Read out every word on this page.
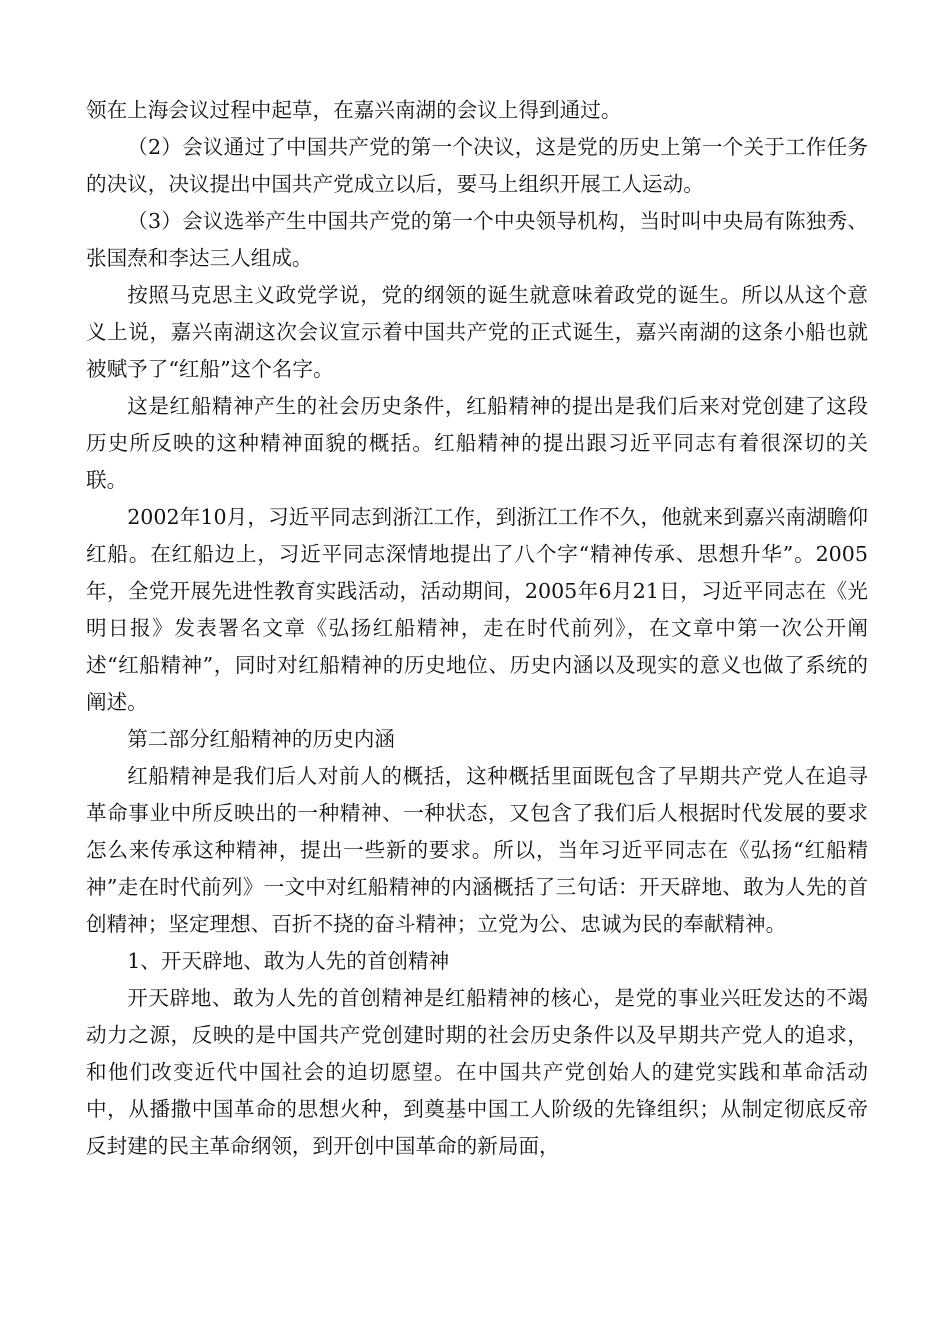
领在上海会议过程中起草，在嘉兴南湖的会议上得到通过。

（2）会议通过了中国共产党的第一个决议，这是党的历史上第一个关于工作任务的决议，决议提出中国共产党成立以后，要马上组织开展工人运动。

（3）会议选举产生中国共产党的第一个中央领导机构，当时叫中央局有陈独秀、张国焘和李达三人组成。

按照马克思主义政党学说，党的纲领的诞生就意味着政党的诞生。所以从这个意义上说，嘉兴南湖这次会议宣示着中国共产党的正式诞生，嘉兴南湖的这条小船也就被赋予了“红船”这个名字。

这是红船精神产生的社会历史条件，红船精神的提出是我们后来对党创建了这段历史所反映的这种精神面貌的概括。红船精神的提出跟习近平同志有着很深切的关联。

2002年10月，习近平同志到浙江工作，到浙江工作不久，他就来到嘉兴南湖瞻仰红船。在红船边上，习近平同志深情地提出了八个字“精神传承、思想升华”。2005年，全党开展先进性教育实践活动，活动期间，2005年6月21日，习近平同志在《光明日报》发表署名文章《弘扬红船精神，走在时代前列》，在文章中第一次公开阐述“红船精神”，同时对红船精神的历史地位、历史内涵以及现实的意义也做了系统的阐述。

第二部分红船精神的历史内涵

红船精神是我们后人对前人的概括，这种概括里面既包含了早期共产党人在追寻革命事业中所反映出的一种精神、一种状态，又包含了我们后人根据时代发展的要求怎么来传承这种精神，提出一些新的要求。所以，当年习近平同志在《弘扬“红船精神”走在时代前列》一文中对红船精神的内涵概括了三句话：开天辟地、敢为人先的首创精神；坚定理想、百折不挠的奋斗精神；立党为公、忠诚为民的奉献精神。

1、开天辟地、敢为人先的首创精神

开天辟地、敢为人先的首创精神是红船精神的核心，是党的事业兴旺发达的不竭动力之源，反映的是中国共产党创建时期的社会历史条件以及早期共产党人的追求，和他们改变近代中国社会的迫切愿望。在中国共产党创始人的建党实践和革命活动中，从播撒中国革命的思想火种，到奠基中国工人阶级的先锋组织；从制定彻底反帝反封建的民主革命纲领，到开创中国革命的新局面，
